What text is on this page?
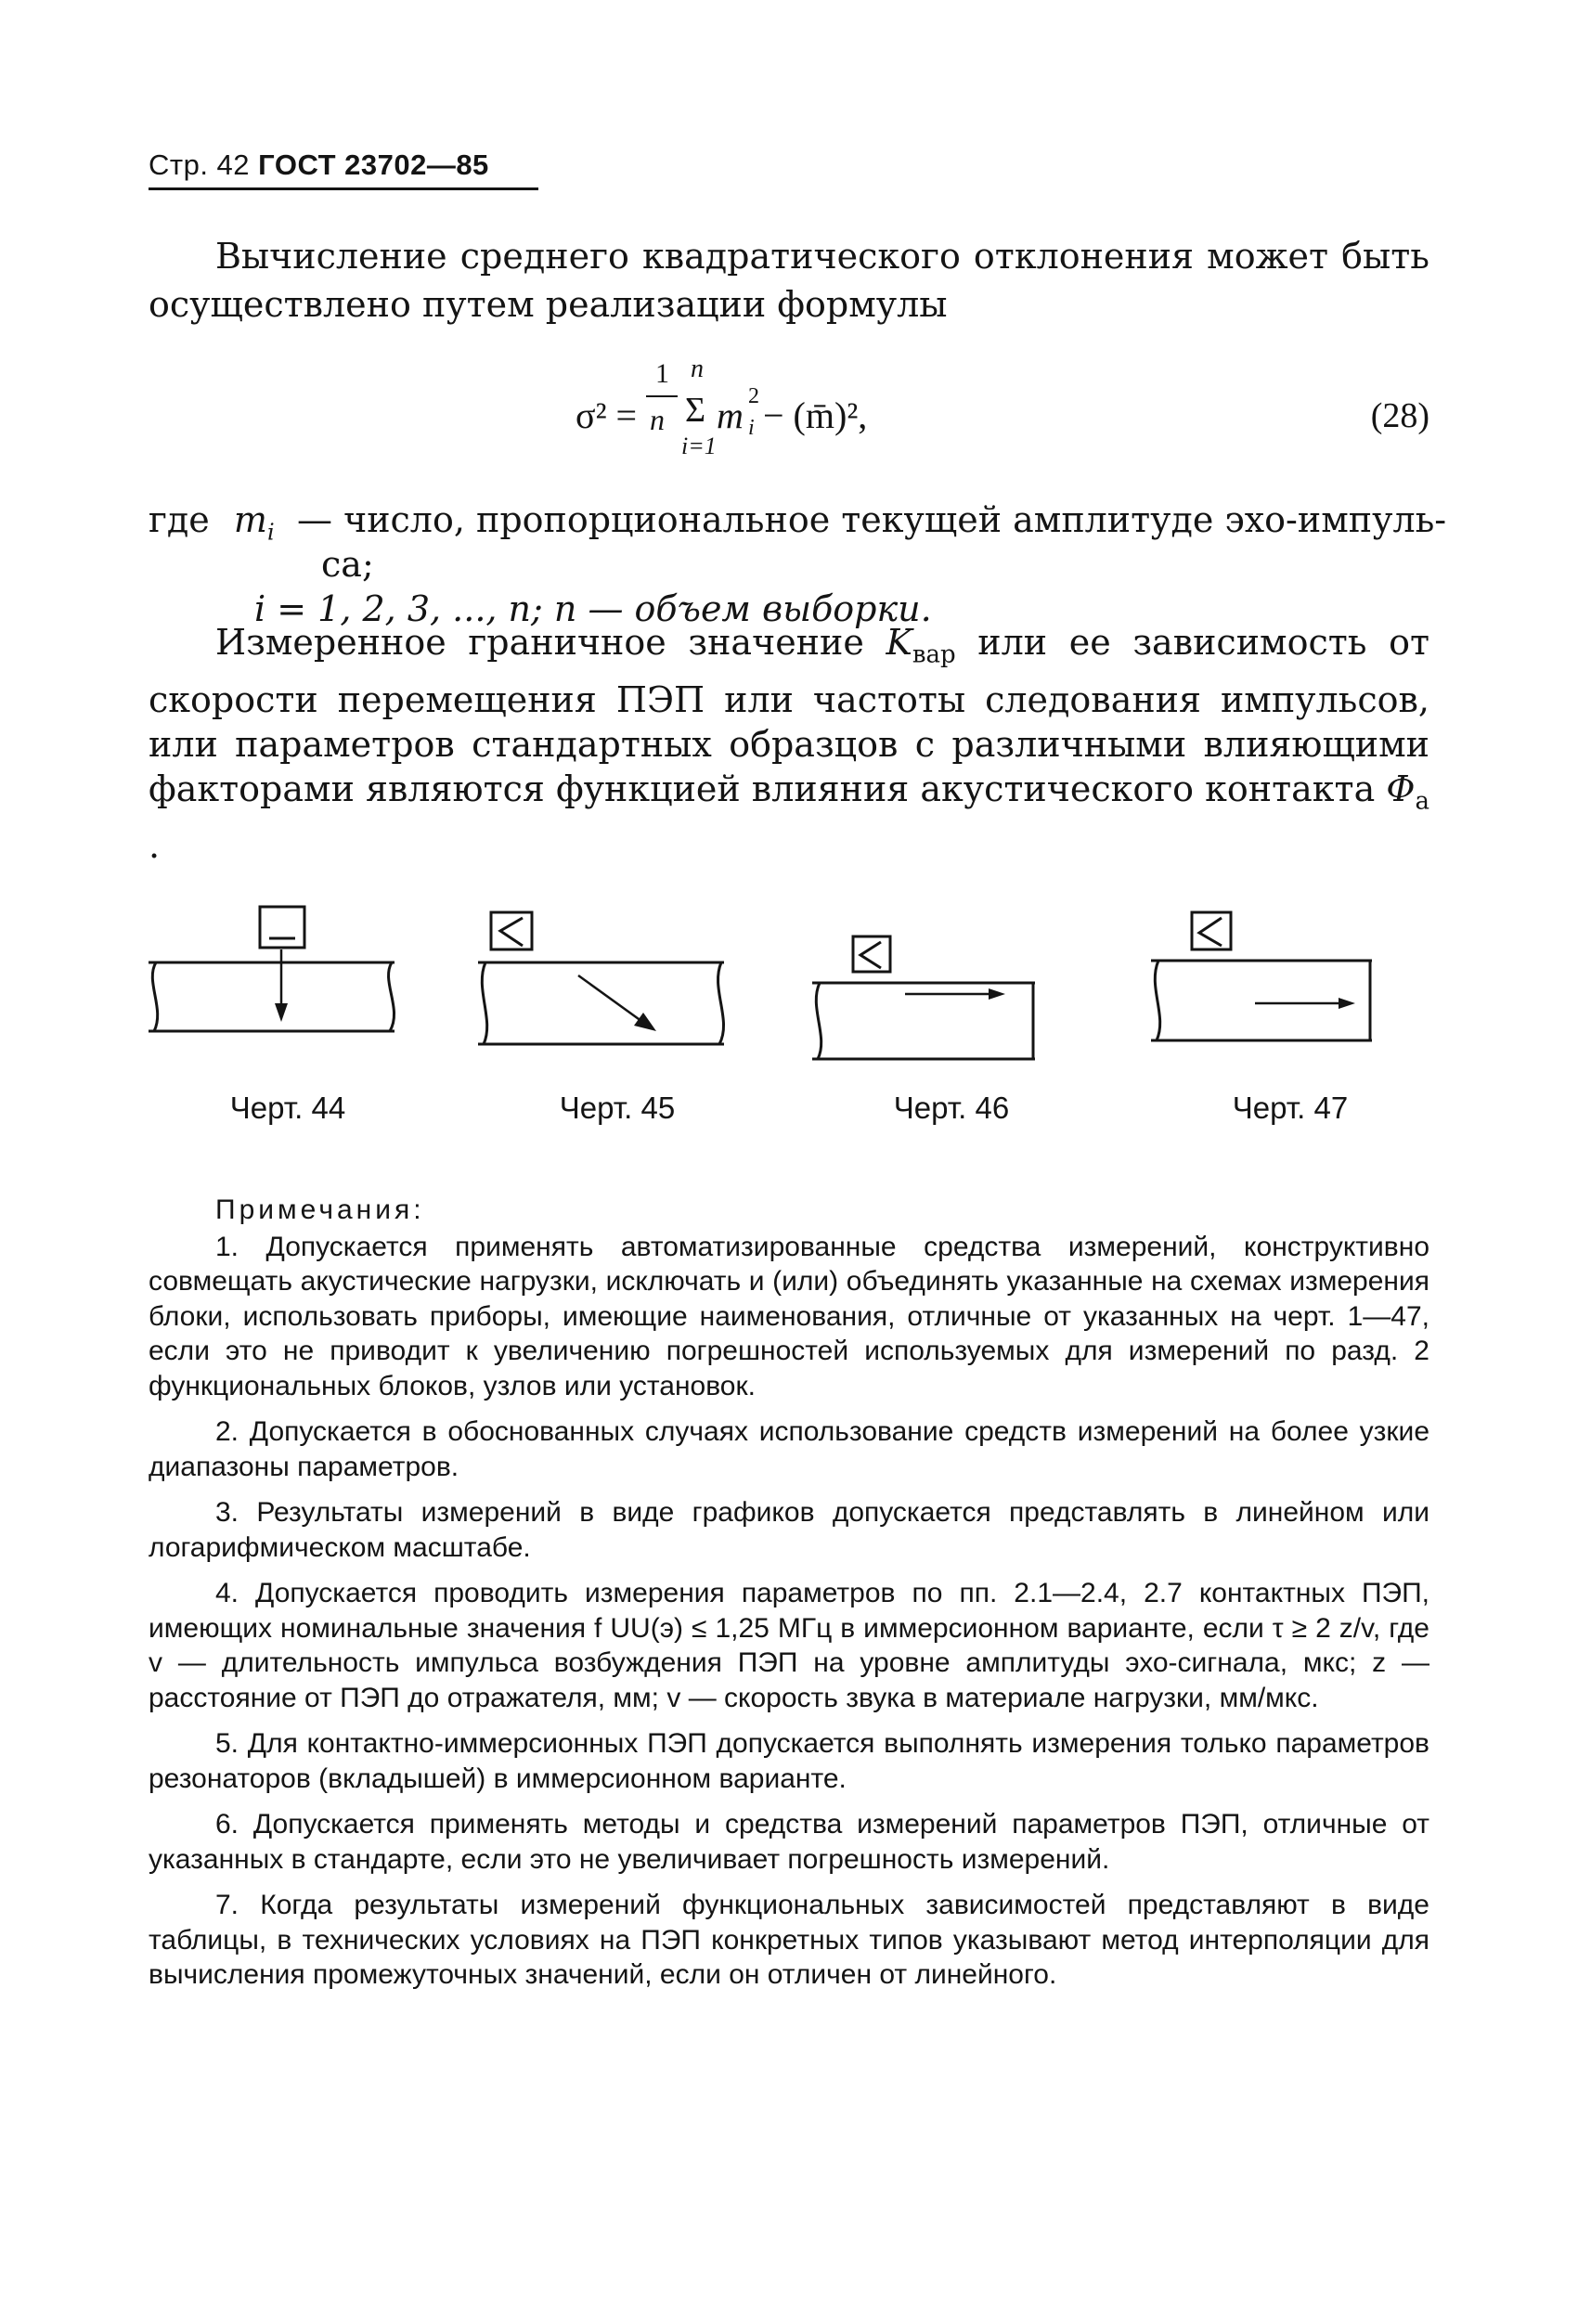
Стр. 42 ГОСТ 23702—85

Вычисление среднего квадратического отклонения может быть осуществлено путем реализации формулы

σ² =
1
n
n
Σ
i=1
m 2
i − (m̄)²,	(28)
где $m_i$ — число, пропорциональное текущей амплитуде эхо-импуль-
са;
i = 1, 2, 3, ..., n; n — объем выборки.

Измеренное граничное значение $K_{вар}$ или ее зависимость от скорости перемещения ПЭП или частоты следования импульсов, или параметров стандартных образцов с различными влияющими факторами являются функцией влияния акустического контакта $\Phi_а$ .

Черт. 44	Черт. 45	Черт. 46	Черт. 47
Примечания:

1. Допускается применять автоматизированные средства измерений, конструктивно совмещать акустические нагрузки, исключать и (или) объединять указанные на схемах измерения блоки, использовать приборы, имеющие наименования, отличные от указанных на черт. 1—47, если это не приводит к увеличению погрешностей используемых для измерений по разд. 2 функциональных блоков, узлов или установок.

2. Допускается в обоснованных случаях использование средств измерений на более узкие диапазоны параметров.

3. Результаты измерений в виде графиков допускается представлять в линейном или логарифмическом масштабе.

4. Допускается проводить измерения параметров по пп. 2.1—2.4, 2.7 контактных ПЭП, имеющих номинальные значения f UU(э) ≤ 1,25 МГц в иммерсионном варианте, если τ ≥ 2 z/v, где v — длительность импульса возбуждения ПЭП на уровне амплитуды эхо-сигнала, мкс; z — расстояние от ПЭП до отражателя, мм; v — скорость звука в материале нагрузки, мм/мкс.

5. Для контактно-иммерсионных ПЭП допускается выполнять измерения только параметров резонаторов (вкладышей) в иммерсионном варианте.

6. Допускается применять методы и средства измерений параметров ПЭП, отличные от указанных в стандарте, если это не увеличивает погрешность измерений.

7. Когда результаты измерений функциональных зависимостей представляют в виде таблицы, в технических условиях на ПЭП конкретных типов указывают метод интерполяции для вычисления промежуточных значений, если он отличен от линейного.
